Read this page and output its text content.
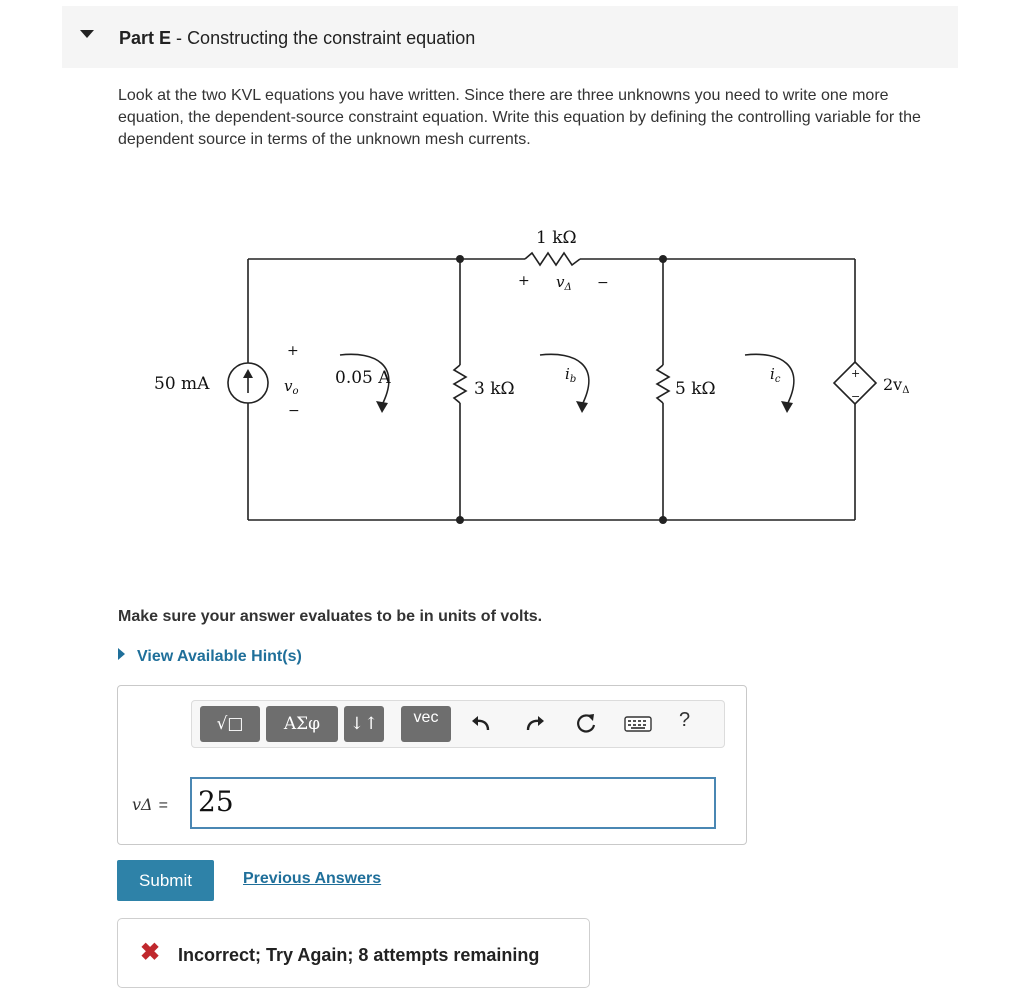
Part E - Constructing the constraint equation
Look at the two KVL equations you have written. Since there are three unknowns you need to write one more equation, the dependent-source constraint equation. Write this equation by defining the controlling variable for the dependent source in terms of the unknown mesh currents.
50 mA
+
$v_o$
−
0.05 A
1 kΩ
+ $v_\Delta$ −
3 kΩ
$i_b$	5 kΩ
$i_c$	+
−
2vΔ
Make sure your answer evaluates to be in units of volts.
View Available Hint(s)
√□ ΑΣφ ↓↑ vec	?
vΔ = 25
Submit	Previous Answers
✖ Incorrect; Try Again; 8 attempts remaining
